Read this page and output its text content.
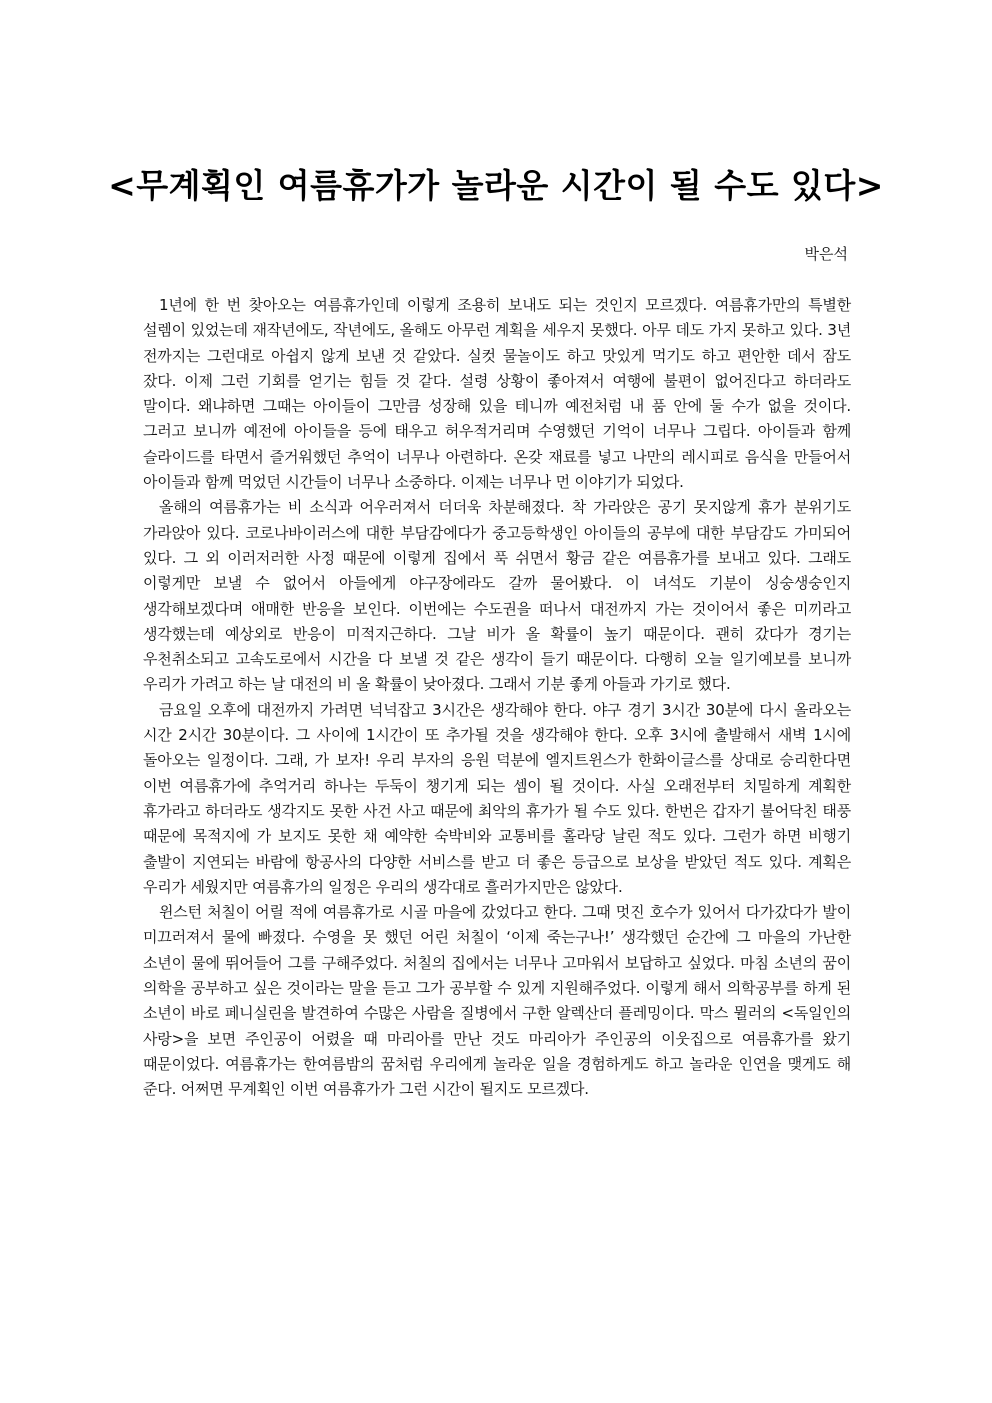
<무계획인 여름휴가가 놀라운 시간이 될 수도 있다>
박은석

1년에 한 번 찾아오는 여름휴가인데 이렇게 조용히 보내도 되는 것인지 모르겠다. 여름휴가만의 특별한 설렘이 있었는데 재작년에도, 작년에도, 올해도 아무런 계획을 세우지 못했다. 아무 데도 가지 못하고 있다. 3년 전까지는 그런대로 아쉽지 않게 보낸 것 같았다. 실컷 물놀이도 하고 맛있게 먹기도 하고 편안한 데서 잠도 잤다. 이제 그런 기회를 얻기는 힘들 것 같다. 설령 상황이 좋아져서 여행에 불편이 없어진다고 하더라도 말이다. 왜냐하면 그때는 아이들이 그만큼 성장해 있을 테니까 예전처럼 내 품 안에 둘 수가 없을 것이다. 그러고 보니까 예전에 아이들을 등에 태우고 허우적거리며 수영했던 기억이 너무나 그립다. 아이들과 함께 슬라이드를 타면서 즐거워했던 추억이 너무나 아련하다. 온갖 재료를 넣고 나만의 레시피로 음식을 만들어서 아이들과 함께 먹었던 시간들이 너무나 소중하다. 이제는 너무나 먼 이야기가 되었다.

올해의 여름휴가는 비 소식과 어우러져서 더더욱 차분해졌다. 착 가라앉은 공기 못지않게 휴가 분위기도 가라앉아 있다. 코로나바이러스에 대한 부담감에다가 중고등학생인 아이들의 공부에 대한 부담감도 가미되어 있다. 그 외 이러저러한 사정 때문에 이렇게 집에서 푹 쉬면서 황금 같은 여름휴가를 보내고 있다. 그래도 이렇게만 보낼 수 없어서 아들에게 야구장에라도 갈까 물어봤다. 이 녀석도 기분이 싱숭생숭인지 생각해보겠다며 애매한 반응을 보인다. 이번에는 수도권을 떠나서 대전까지 가는 것이어서 좋은 미끼라고 생각했는데 예상외로 반응이 미적지근하다. 그날 비가 올 확률이 높기 때문이다. 괜히 갔다가 경기는 우천취소되고 고속도로에서 시간을 다 보낼 것 같은 생각이 들기 때문이다. 다행히 오늘 일기예보를 보니까 우리가 가려고 하는 날 대전의 비 올 확률이 낮아졌다. 그래서 기분 좋게 아들과 가기로 했다.

금요일 오후에 대전까지 가려면 넉넉잡고 3시간은 생각해야 한다. 야구 경기 3시간 30분에 다시 올라오는 시간 2시간 30분이다. 그 사이에 1시간이 또 추가될 것을 생각해야 한다. 오후 3시에 출발해서 새벽 1시에 돌아오는 일정이다. 그래, 가 보자! 우리 부자의 응원 덕분에 엘지트윈스가 한화이글스를 상대로 승리한다면 이번 여름휴가에 추억거리 하나는 두둑이 챙기게 되는 셈이 될 것이다. 사실 오래전부터 치밀하게 계획한 휴가라고 하더라도 생각지도 못한 사건 사고 때문에 최악의 휴가가 될 수도 있다. 한번은 갑자기 불어닥친 태풍 때문에 목적지에 가 보지도 못한 채 예약한 숙박비와 교통비를 홀라당 날린 적도 있다. 그런가 하면 비행기 출발이 지연되는 바람에 항공사의 다양한 서비스를 받고 더 좋은 등급으로 보상을 받았던 적도 있다. 계획은 우리가 세웠지만 여름휴가의 일정은 우리의 생각대로 흘러가지만은 않았다.

윈스턴 처칠이 어릴 적에 여름휴가로 시골 마을에 갔었다고 한다. 그때 멋진 호수가 있어서 다가갔다가 발이 미끄러져서 물에 빠졌다. 수영을 못 했던 어린 처칠이 ‘이제 죽는구나!’ 생각했던 순간에 그 마을의 가난한 소년이 물에 뛰어들어 그를 구해주었다. 처칠의 집에서는 너무나 고마워서 보답하고 싶었다. 마침 소년의 꿈이 의학을 공부하고 싶은 것이라는 말을 듣고 그가 공부할 수 있게 지원해주었다. 이렇게 해서 의학공부를 하게 된 소년이 바로 페니실린을 발견하여 수많은 사람을 질병에서 구한 알렉산더 플레밍이다. 막스 뮐러의 <독일인의 사랑>을 보면 주인공이 어렸을 때 마리아를 만난 것도 마리아가 주인공의 이웃집으로 여름휴가를 왔기 때문이었다. 여름휴가는 한여름밤의 꿈처럼 우리에게 놀라운 일을 경험하게도 하고 놀라운 인연을 맺게도 해 준다. 어쩌면 무계획인 이번 여름휴가가 그런 시간이 될지도 모르겠다.
